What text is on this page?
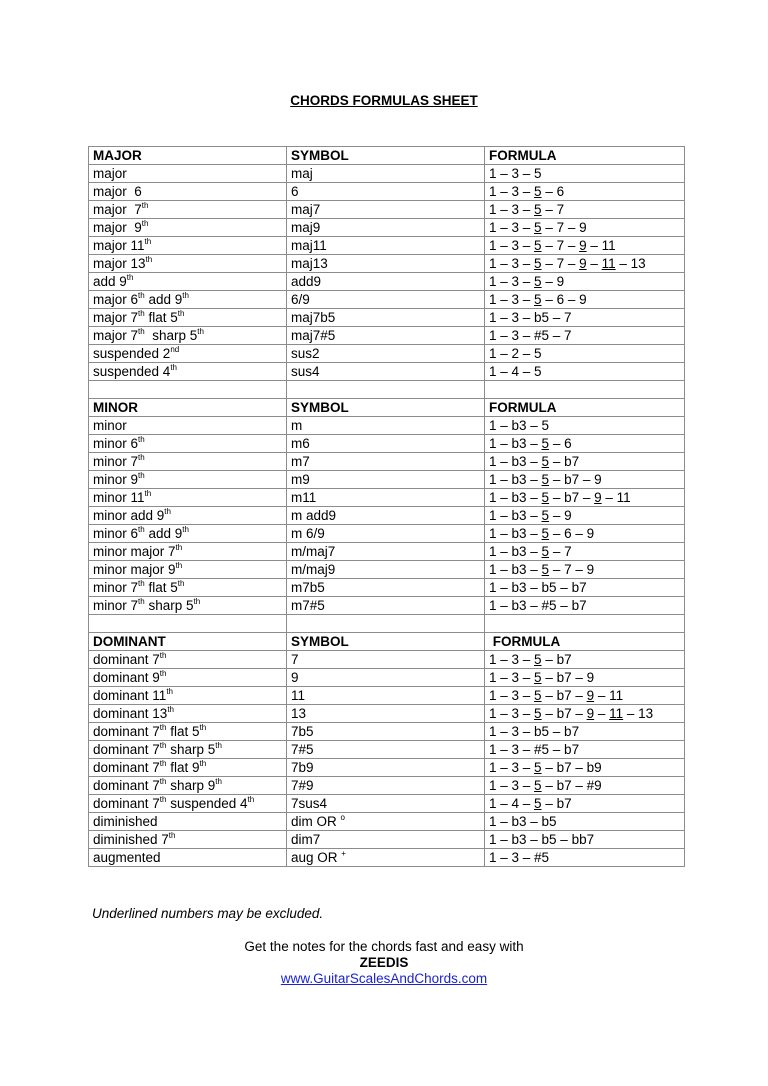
CHORDS FORMULAS SHEET
MAJOR	SYMBOL	FORMULA
major	maj	1 – 3 – 5
major  6	6	1 – 3 – 5 – 6
major  7th	maj7	1 – 3 – 5 – 7
major  9th	maj9	1 – 3 – 5 – 7 – 9
major 11th	maj11	1 – 3 – 5 – 7 – 9 – 11
major 13th	maj13	1 – 3 – 5 – 7 – 9 – 11 – 13
add 9th	add9	1 – 3 – 5 – 9
major 6th add 9th	6/9	1 – 3 – 5 – 6 – 9
major 7th flat 5th	maj7b5	1 – 3 – b5 – 7
major 7th  sharp 5th	maj7#5	1 – 3 – #5 – 7
suspended 2nd	sus2	1 – 2 – 5
suspended 4th	sus4	1 – 4 – 5

MINOR	SYMBOL	FORMULA
minor	m	1 – b3 – 5
minor 6th	m6	1 – b3 – 5 – 6
minor 7th	m7	1 – b3 – 5 – b7
minor 9th	m9	1 – b3 – 5 – b7 – 9
minor 11th	m11	1 – b3 – 5 – b7 – 9 – 11
minor add 9th	m add9	1 – b3 – 5 – 9
minor 6th add 9th	m 6/9	1 – b3 – 5 – 6 – 9
minor major 7th	m/maj7	1 – b3 – 5 – 7
minor major 9th	m/maj9	1 – b3 – 5 – 7 – 9
minor 7th flat 5th	m7b5	1 – b3 – b5 – b7
minor 7th sharp 5th	m7#5	1 – b3 – #5 – b7

DOMINANT	SYMBOL	FORMULA
dominant 7th	7	1 – 3 – 5 – b7
dominant 9th	9	1 – 3 – 5 – b7 – 9
dominant 11th	11	1 – 3 – 5 – b7 – 9 – 11
dominant 13th	13	1 – 3 – 5 – b7 – 9 – 11 – 13
dominant 7th flat 5th	7b5	1 – 3 – b5 – b7
dominant 7th sharp 5th	7#5	1 – 3 – #5 – b7
dominant 7th flat 9th	7b9	1 – 3 – 5 – b7 – b9
dominant 7th sharp 9th	7#9	1 – 3 – 5 – b7 – #9
dominant 7th suspended 4th	7sus4	1 – 4 – 5 – b7
diminished	dim OR $^o$	1 – b3 – b5
diminished 7th	dim7	1 – b3 – b5 – bb7
augmented	aug OR +	1 – 3 – #5
Underlined numbers may be excluded.
Get the notes for the chords fast and easy with
ZEEDIS
www.GuitarScalesAndChords.com
